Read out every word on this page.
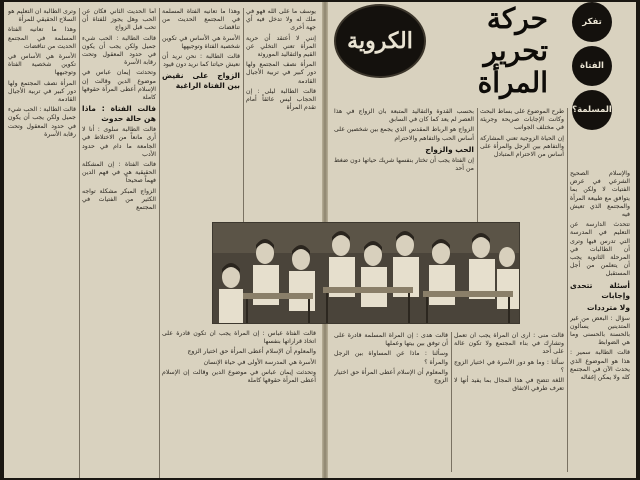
يوسف ما على الله فهو في ملك له ولا تدخل فيه أي جهة أخرى

إنني لا أعتقد أن حرية المرأة تعني التخلي عن القيم والتقاليد الموروثة

المرأة نصف المجتمع ولها دور كبير في تربية الأجيال القادمة

قالت الطالبة ليلى : إن الحجاب ليس عائقاً أمام تقدم المرأة

وهذا ما تعانيه الفتاة المسلمة في المجتمع الحديث من تناقضات

الأسرة هي الأساس في تكوين شخصية الفتاة وتوجيهها

قالت الطالبة : نحن نريد أن نعيش حياتنا كما نريد دون قيود

الزواج على نقيض بين الفتاة الراغبة

أما الحديث الثاني فكان عن الحب وهل يجوز للفتاة أن تحب قبل الزواج

قالت الطالبة : الحب شيء جميل ولكن يجب أن يكون في حدود المعقول وتحت رقابة الأسرة

وتحدثت إيمان عباس في موضوع الدين وقالت إن الإسلام أعطى المرأة حقوقها كاملة

فالت الفتاة : ماذا هن حالة حدوث

فالت الطالبة سلوى : أنا لا أرى مانعاً من الاختلاط في الجامعة ما دام في حدود الأدب

فالت الفتاة : إن المشكلة الحقيقية هي في فهم الدين فهماً صحيحاً

الزواج المبكر مشكلة تواجه الكثير من الفتيات في المجتمع

وترى الطالبة أن التعليم هو السلاح الحقيقي للمرأة

وهذا ما تعانيه الفتاة المسلمة في المجتمع الحديث من تناقضات

الأسرة هي الأساس في تكوين شخصية الفتاة وتوجيهها

المرأة نصف المجتمع ولها دور كبير في تربية الأجيال القادمة

قالت الطالبة : الحب شيء جميل ولكن يجب أن يكون في حدود المعقول وتحت رقابة الأسرة

قالت الفتاة عباس : إن المرأة يجب أن تكون قادرة على اتخاذ قراراتها بنفسها

والمعلوم أن الإسلام أعطى المرأة حق اختيار الزوج

الأسرة هي المدرسة الأولى في حياة الإنسان

وتحدثت إيمان عباس في موضوع الدين وقالت إن الإسلام أعطى المرأة حقوقها كاملة

والإسلام الصحيح الشرعي في عرض الفتيات لا ولكن بما يتوافق مع طبيعة المرأة والمجتمع الذي تعيش فيه

تتحدث الدارسة عن التعليم في المدرسة التي تدرس فيها وترى أن الطالبات في المرحلة الثانوية يجب أن يتعلمن من أجل المستقبل

أسئلة تتحدى وإجابات
ولا مترددات

سؤال : البعض من غير المتدينين يسألون بالحسنة بالحسنى وما هي الضوابط

قالت الطالبة سمير : هذا هو الموضوع الذي يحدث الآن في المجتمع كله ولا يمكن إغفاله

طرح الموضوع على بساط البحث وكانت الإجابات صريحة وجريئة في مختلف الجوانب

إن الحياة الزوجية تعني المشاركة والتفاهم بين الرجل والمرأة على أساس من الاحترام المتبادل

بحسب القدوة والتقاليد المتبعة بأن الزواج في هذا العصر لم يعد كما كان في السابق

الزواج هو الرباط المقدس الذي يجمع بين شخصين على أساس الحب والتفاهم والاحترام

الحب والزواج

إن الفتاة يجب أن تختار بنفسها شريك حياتها دون ضغط من أحد

قالت منى : أرى أن المرأة يجب أن تعمل وتشارك في بناء المجتمع ولا تكون عالة على أحد

سألنا : وما هو دور الأسرة في اختيار الزوج ؟

اللغة تتضح في هذا المجال بما يفيد أنها لا تعرف طرفي الاتفاق

قالت هدى : إن المرأة المسلمة قادرة على أن توفق بين بيتها وعملها

وسألنا : ماذا عن المساواة بين الرجل والمرأة ؟

والمعلوم أن الإسلام أعطى المرأة حق اختيار الزوج

الكروية
حركة
تحرير
المرأة
تفكر
الفتاة
المسلمة؟
